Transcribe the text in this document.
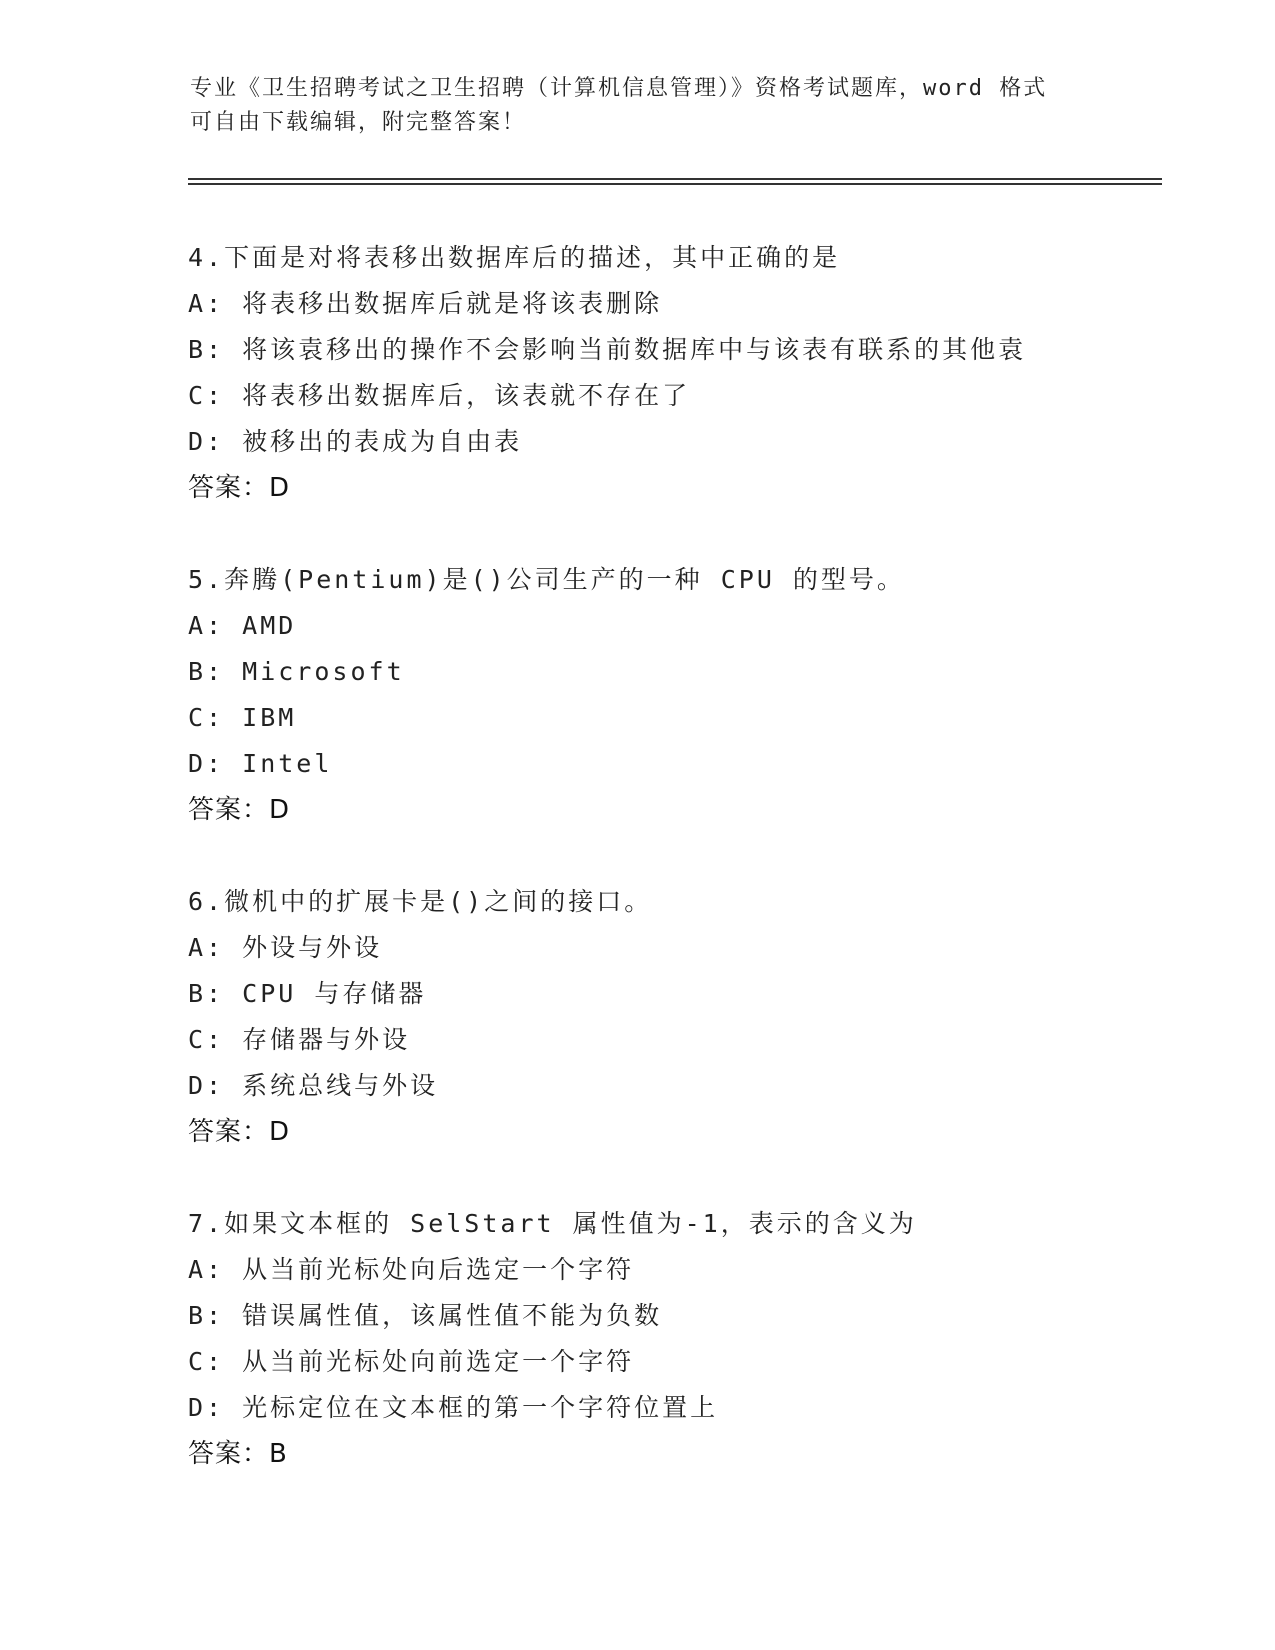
专业《卫生招聘考试之卫生招聘（计算机信息管理）》资格考试题库，word 格式
可自由下载编辑，附完整答案！
4.下面是对将表移出数据库后的描述，其中正确的是
A: 将表移出数据库后就是将该表删除
B: 将该袁移出的操作不会影响当前数据库中与该表有联系的其他袁
C: 将表移出数据库后，该表就不存在了
D: 被移出的表成为自由表
答案：D
5.奔腾(Pentium)是()公司生产的一种 CPU 的型号。
A: AMD
B: Microsoft
C: IBM
D: Intel
答案：D
6.微机中的扩展卡是()之间的接口。
A: 外设与外设
B: CPU 与存储器
C: 存储器与外设
D: 系统总线与外设
答案：D
7.如果文本框的 SelStart 属性值为-1，表示的含义为
A: 从当前光标处向后选定一个字符
B: 错误属性值，该属性值不能为负数
C: 从当前光标处向前选定一个字符
D: 光标定位在文本框的第一个字符位置上
答案：B
